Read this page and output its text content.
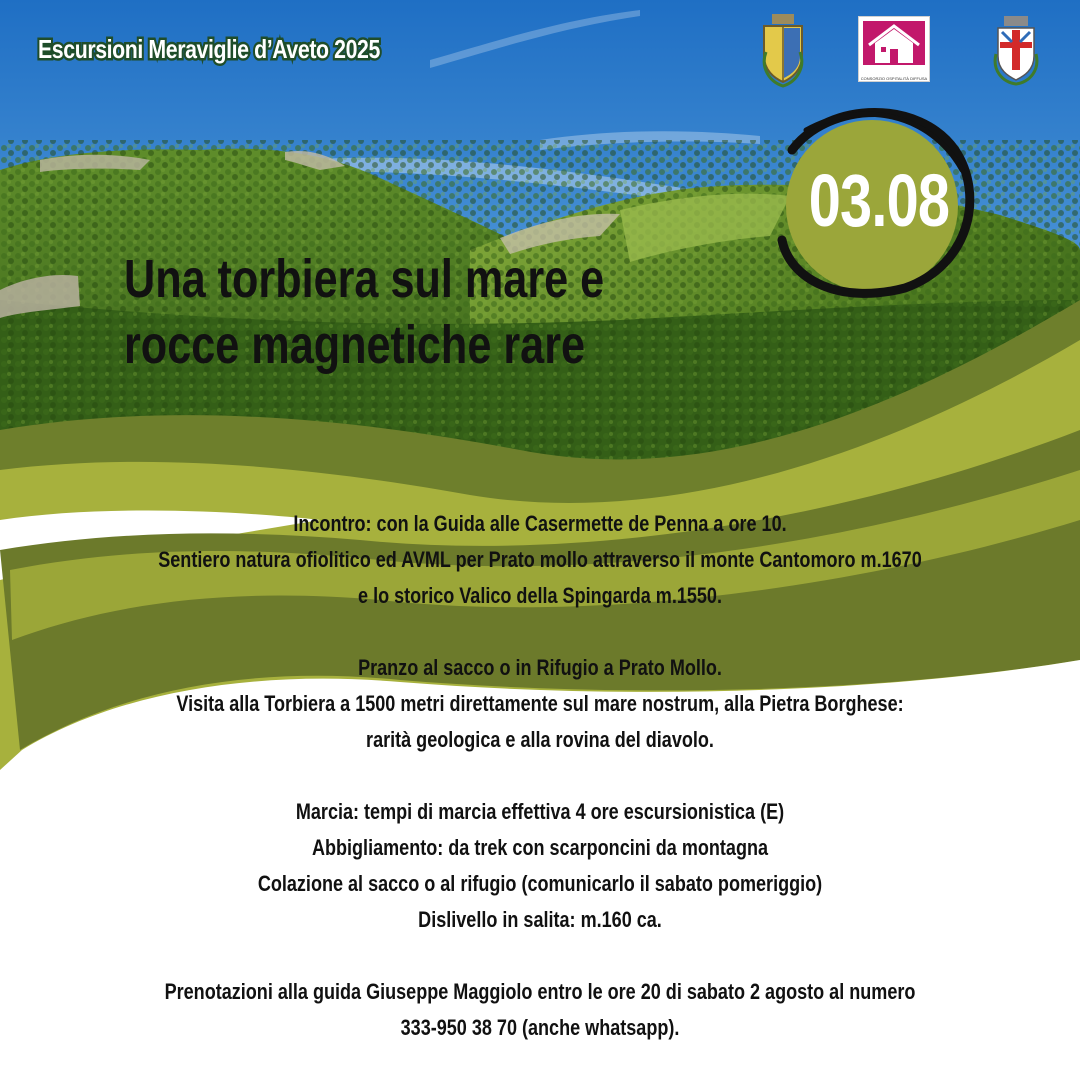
Escursioni Meraviglie d’Aveto 2025
CONSORZIO OSPITALITÀ DIFFUSA
03.08
Una torbiera sul mare e
rocce magnetiche rare
Incontro: con la Guida alle Casermette de Penna a ore 10.
Sentiero natura ofiolitico ed AVML per Prato mollo attraverso il monte Cantomoro m.1670
e lo storico Valico della Spingarda m.1550.
Pranzo al sacco o in Rifugio a Prato Mollo.
Visita alla Torbiera a 1500 metri direttamente sul mare nostrum, alla Pietra Borghese:
rarità geologica e alla rovina del diavolo.
Marcia: tempi di marcia effettiva 4 ore escursionistica (E)
Abbigliamento: da trek con scarponcini da montagna
Colazione al sacco o al rifugio (comunicarlo il sabato pomeriggio)
Dislivello in salita: m.160 ca.
Prenotazioni alla guida Giuseppe Maggiolo entro le ore 20 di sabato 2 agosto al numero
333-950 38 70 (anche whatsapp).
